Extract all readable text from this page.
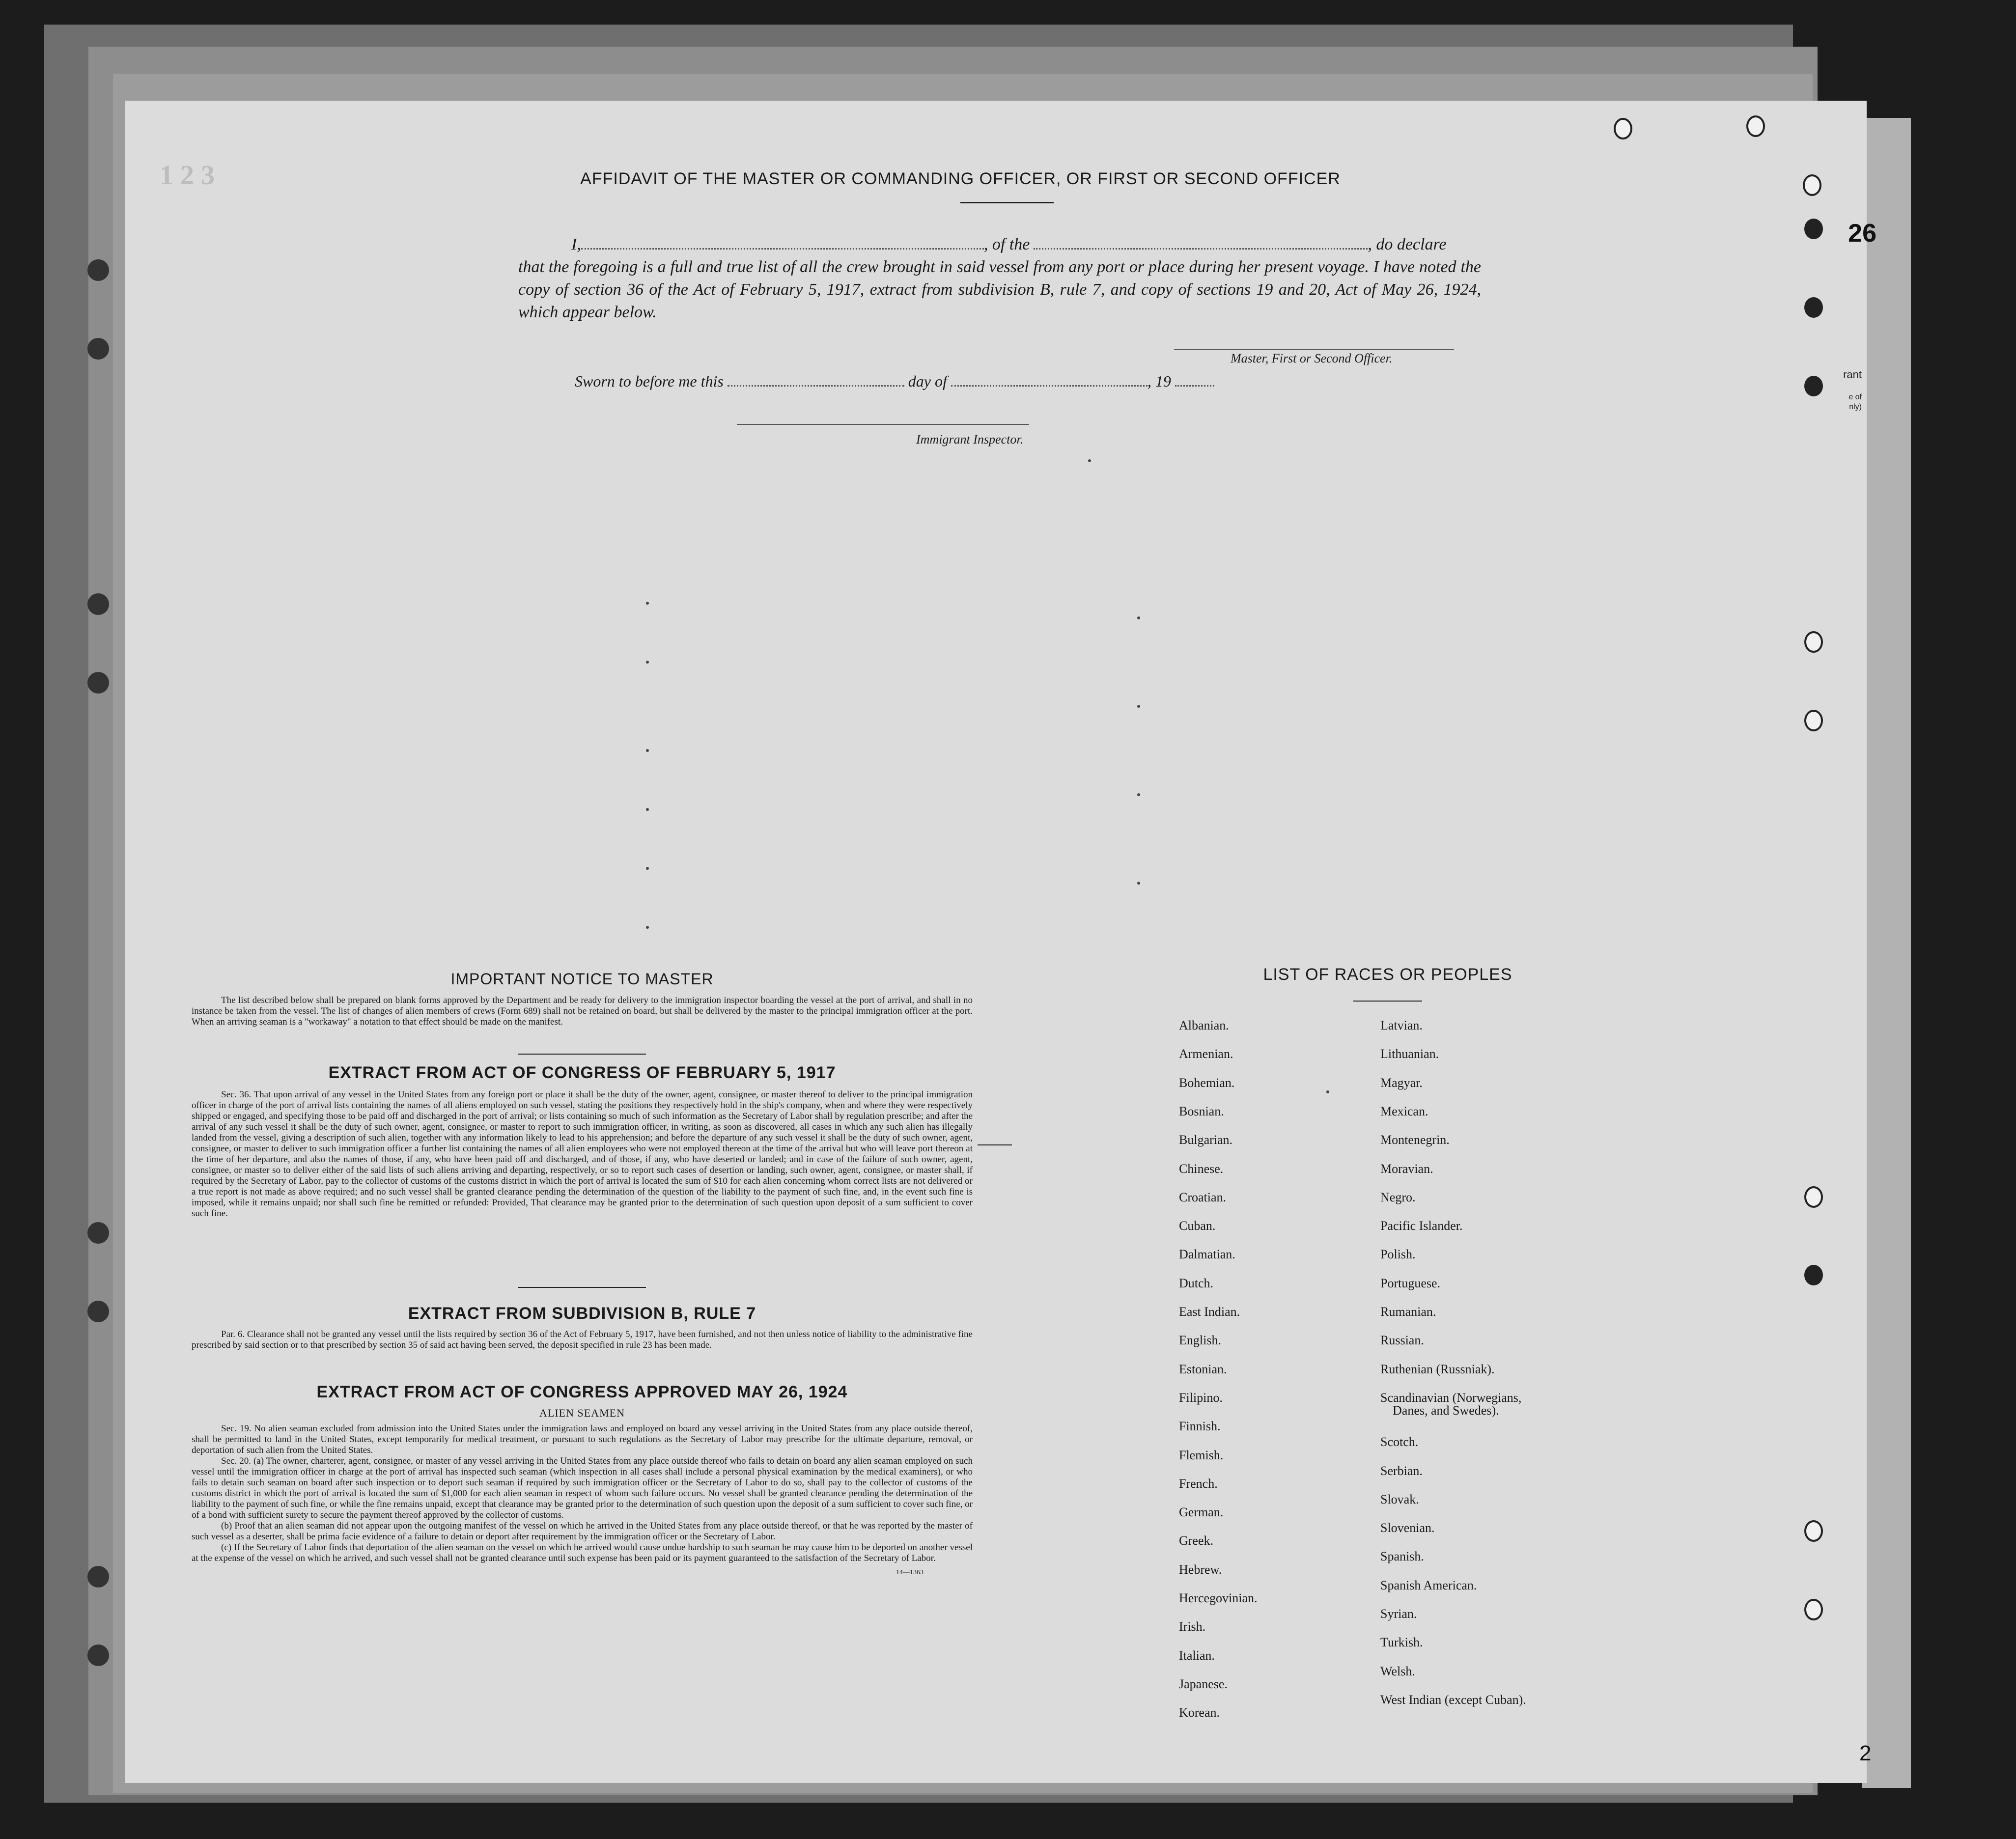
1 2 3
26
rant
e of
nly)
AFFIDAVIT OF THE MASTER OR COMMANDING OFFICER, OR FIRST OR SECOND OFFICER
I,	, of the	, do declare
that the foregoing is a full and true list of all the crew brought in said vessel from any port or place during her present voyage. I have noted the copy of section 36 of the Act of February 5, 1917, extract from subdivision B, rule 7, and copy of sections 19 and 20, Act of May 26, 1924, which appear below.
Master, First or Second Officer.
Sworn to before me this	day of	, 19
Immigrant Inspector.
IMPORTANT NOTICE TO MASTER

The list described below shall be prepared on blank forms approved by the Department and be ready for delivery to the immigration inspector boarding the vessel at the port of arrival, and shall in no instance be taken from the vessel. The list of changes of alien members of crews (Form 689) shall not be retained on board, but shall be delivered by the master to the principal immigration officer at the port. When an arriving seaman is a "workaway" a notation to that effect should be made on the manifest.

EXTRACT FROM ACT OF CONGRESS OF FEBRUARY 5, 1917

Sec. 36. That upon arrival of any vessel in the United States from any foreign port or place it shall be the duty of the owner, agent, consignee, or master thereof to deliver to the principal immigration officer in charge of the port of arrival lists containing the names of all aliens employed on such vessel, stating the positions they respectively hold in the ship's company, when and where they were respectively shipped or engaged, and specifying those to be paid off and discharged in the port of arrival; or lists containing so much of such information as the Secretary of Labor shall by regulation prescribe; and after the arrival of any such vessel it shall be the duty of such owner, agent, consignee, or master to report to such immigration officer, in writing, as soon as discovered, all cases in which any such alien has illegally landed from the vessel, giving a description of such alien, together with any information likely to lead to his apprehension; and before the departure of any such vessel it shall be the duty of such owner, agent, consignee, or master to deliver to such immigration officer a further list containing the names of all alien employees who were not employed thereon at the time of the arrival but who will leave port thereon at the time of her departure, and also the names of those, if any, who have been paid off and discharged, and of those, if any, who have deserted or landed; and in case of the failure of such owner, agent, consignee, or master so to deliver either of the said lists of such aliens arriving and departing, respectively, or so to report such cases of desertion or landing, such owner, agent, consignee, or master shall, if required by the Secretary of Labor, pay to the collector of customs of the customs district in which the port of arrival is located the sum of $10 for each alien concerning whom correct lists are not delivered or a true report is not made as above required; and no such vessel shall be granted clearance pending the determination of the question of the liability to the payment of such fine, and, in the event such fine is imposed, while it remains unpaid; nor shall such fine be remitted or refunded: Provided, That clearance may be granted prior to the determination of such question upon deposit of a sum sufficient to cover such fine.

EXTRACT FROM SUBDIVISION B, RULE 7

Par. 6. Clearance shall not be granted any vessel until the lists required by section 36 of the Act of February 5, 1917, have been furnished, and not then unless notice of liability to the administrative fine prescribed by said section or to that prescribed by section 35 of said act having been served, the deposit specified in rule 23 has been made.

EXTRACT FROM ACT OF CONGRESS APPROVED MAY 26, 1924
ALIEN SEAMEN

Sec. 19. No alien seaman excluded from admission into the United States under the immigration laws and employed on board any vessel arriving in the United States from any place outside thereof, shall be permitted to land in the United States, except temporarily for medical treatment, or pursuant to such regulations as the Secretary of Labor may prescribe for the ultimate departure, removal, or deportation of such alien from the United States.

Sec. 20. (a) The owner, charterer, agent, consignee, or master of any vessel arriving in the United States from any place outside thereof who fails to detain on board any alien seaman employed on such vessel until the immigration officer in charge at the port of arrival has inspected such seaman (which inspection in all cases shall include a personal physical examination by the medical examiners), or who fails to detain such seaman on board after such inspection or to deport such seaman if required by such immigration officer or the Secretary of Labor to do so, shall pay to the collector of customs of the customs district in which the port of arrival is located the sum of $1,000 for each alien seaman in respect of whom such failure occurs. No vessel shall be granted clearance pending the determination of the liability to the payment of such fine, or while the fine remains unpaid, except that clearance may be granted prior to the determination of such question upon the deposit of a sum sufficient to cover such fine, or of a bond with sufficient surety to secure the payment thereof approved by the collector of customs.

(b) Proof that an alien seaman did not appear upon the outgoing manifest of the vessel on which he arrived in the United States from any place outside thereof, or that he was reported by the master of such vessel as a deserter, shall be prima facie evidence of a failure to detain or deport after requirement by the immigration officer or the Secretary of Labor.

(c) If the Secretary of Labor finds that deportation of the alien seaman on the vessel on which he arrived would cause undue hardship to such seaman he may cause him to be deported on another vessel at the expense of the vessel on which he arrived, and such vessel shall not be granted clearance until such expense has been paid or its payment guaranteed to the satisfaction of the Secretary of Labor.

14—1363
LIST OF RACES OR PEOPLES
2
Albanian.
Armenian.
Bohemian.
Bosnian.
Bulgarian.
Chinese.
Croatian.
Cuban.
Dalmatian.
Dutch.
East Indian.
English.
Estonian.
Filipino.
Finnish.
Flemish.
French.
German.
Greek.
Hebrew.
Hercegovinian.
Irish.
Italian.
Japanese.
Korean.
Latvian.
Lithuanian.
Magyar.
Mexican.
Montenegrin.
Moravian.
Negro.
Pacific Islander.
Polish.
Portuguese.
Rumanian.
Russian.
Ruthenian (Russniak).
Scandinavian (Norwegians,
Danes, and Swedes).
Scotch.
Serbian.
Slovak.
Slovenian.
Spanish.
Spanish American.
Syrian.
Turkish.
Welsh.
West Indian (except Cuban).
